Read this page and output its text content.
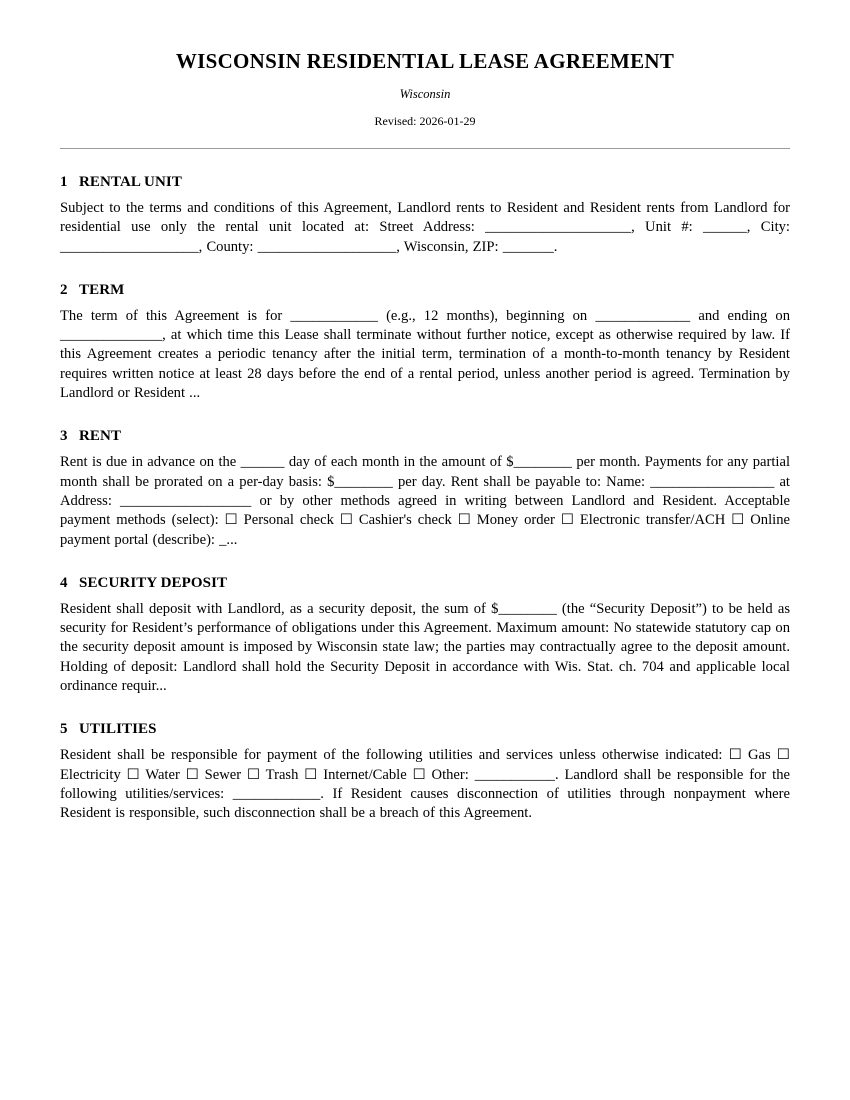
WISCONSIN RESIDENTIAL LEASE AGREEMENT
Wisconsin
Revised: 2026-01-29
1 RENTAL UNIT

Subject to the terms and conditions of this Agreement, Landlord rents to Resident and Resident rents from Landlord for residential use only the rental unit located at: Street Address: ____________________, Unit #: ______, City: ___________________, County: ___________________, Wisconsin, ZIP: _______.

2 TERM

The term of this Agreement is for ____________ (e.g., 12 months), beginning on _____________ and ending on ______________, at which time this Lease shall terminate without further notice, except as otherwise required by law. If this Agreement creates a periodic tenancy after the initial term, termination of a month-to-month tenancy by Resident requires written notice at least 28 days before the end of a rental period, unless another period is agreed. Termination by Landlord or Resident ...

3 RENT

Rent is due in advance on the ______ day of each month in the amount of $________ per month. Payments for any partial month shall be prorated on a per-day basis: $________ per day. Rent shall be payable to: Name: _________________ at Address: __________________ or by other methods agreed in writing between Landlord and Resident. Acceptable payment methods (select): ☐ Personal check ☐ Cashier's check ☐ Money order ☐ Electronic transfer/ACH ☐ Online payment portal (describe): _...

4 SECURITY DEPOSIT

Resident shall deposit with Landlord, as a security deposit, the sum of $________ (the “Security Deposit”) to be held as security for Resident’s performance of obligations under this Agreement. Maximum amount: No statewide statutory cap on the security deposit amount is imposed by Wisconsin state law; the parties may contractually agree to the deposit amount. Holding of deposit: Landlord shall hold the Security Deposit in accordance with Wis. Stat. ch. 704 and applicable local ordinance requir...

5 UTILITIES

Resident shall be responsible for payment of the following utilities and services unless otherwise indicated: ☐ Gas ☐ Electricity ☐ Water ☐ Sewer ☐ Trash ☐ Internet/Cable ☐ Other: ___________. Landlord shall be responsible for the following utilities/services: ____________. If Resident causes disconnection of utilities through nonpayment where Resident is responsible, such disconnection shall be a breach of this Agreement.
